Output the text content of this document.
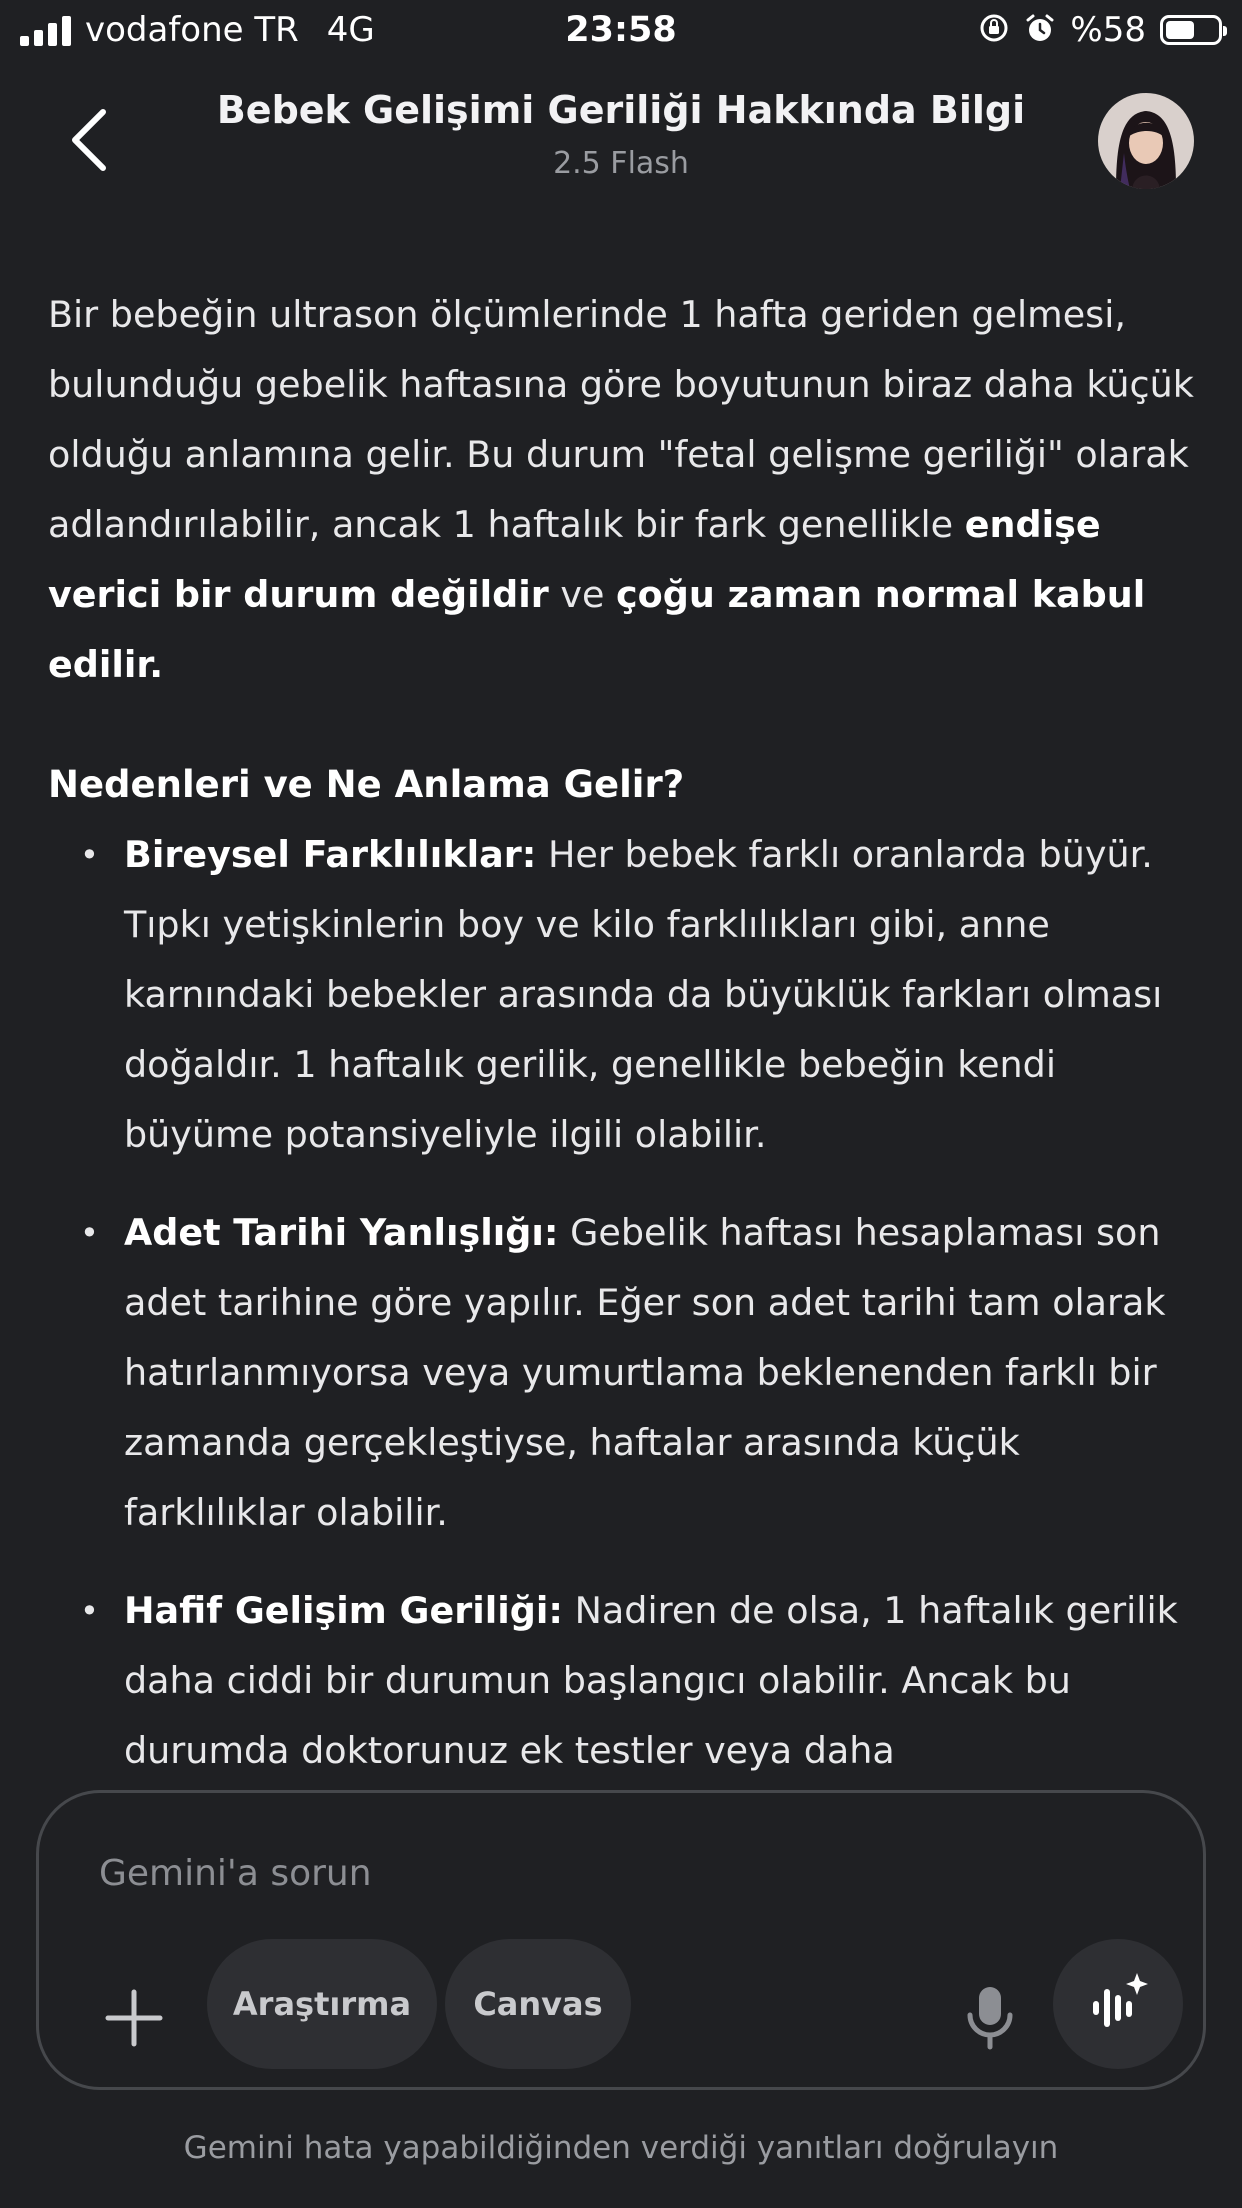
vodafone TR 4G	23:58	%58
Bebek Gelişimi Geriliği Hakkında Bilgi
2.5 Flash

Bir bebeğin ultrason ölçümlerinde 1 hafta geriden gelmesi, bulunduğu gebelik haftasına göre boyutunun biraz daha küçük olduğu anlamına gelir. Bu durum "fetal gelişme geriliği" olarak adlandırılabilir, ancak 1 haftalık bir fark genellikle endişe verici bir durum değildir ve çoğu zaman normal kabul edilir.

Nedenleri ve Ne Anlama Gelir?
• Bireysel Farklılıklar: Her bebek farklı oranlarda büyür. Tıpkı yetişkinlerin boy ve kilo farklılıkları gibi, anne karnındaki bebekler arasında da büyüklük farkları olması doğaldır. 1 haftalık gerilik, genellikle bebeğin kendi büyüme potansiyeliyle ilgili olabilir.
• Adet Tarihi Yanlışlığı: Gebelik haftası hesaplaması son adet tarihine göre yapılır. Eğer son adet tarihi tam olarak hatırlanmıyorsa veya yumurtlama beklenenden farklı bir zamanda gerçekleştiyse, haftalar arasında küçük farklılıklar olabilir.
• Hafif Gelişim Geriliği: Nadiren de olsa, 1 haftalık gerilik daha ciddi bir durumun başlangıcı olabilir. Ancak bu durumda doktorunuz ek testler veya daha
Gemini'a sorun
Araştırma	Canvas
Gemini hata yapabildiğinden verdiği yanıtları doğrulayın
